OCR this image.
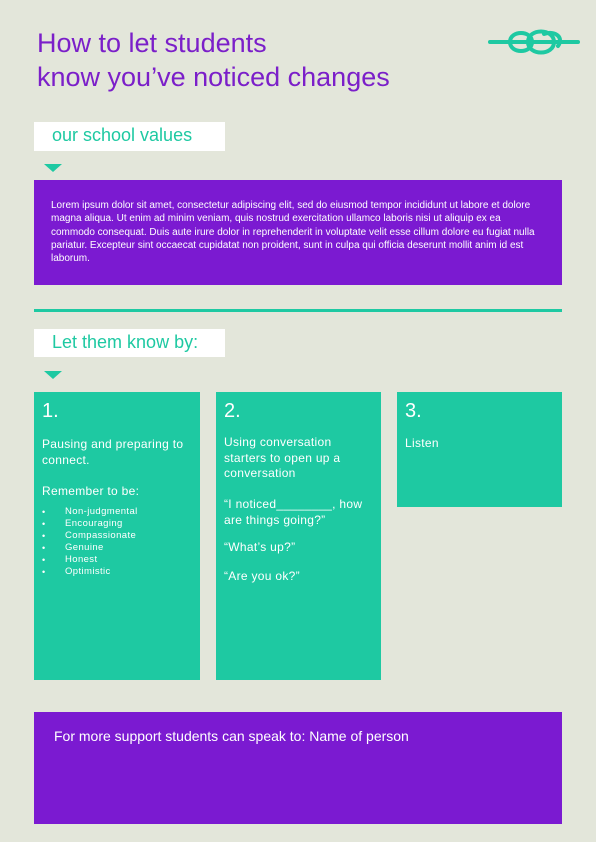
How to let students
know you’ve noticed changes
our school values
Lorem ipsum dolor sit amet, consectetur adipiscing elit, sed do eiusmod tempor incididunt ut labore et dolore magna aliqua. Ut enim ad minim veniam, quis nostrud exercitation ullamco laboris nisi ut aliquip ex ea commodo consequat. Duis aute irure dolor in reprehenderit in voluptate velit esse cillum dolore eu fugiat nulla pariatur. Excepteur sint occaecat cupidatat non proident, sunt in culpa qui officia deserunt mollit anim id est laborum.
Let them know by:
1.
Pausing and preparing to connect.
Remember to be:
• Non-judgmental
• Encouraging
• Compassionate
• Genuine
• Honest
• Optimistic
2.
Using conversation starters to open up a conversation
“I noticed________, how are things going?”
“What’s up?”
“Are you ok?”
3.
Listen
For more support students can speak to: Name of person
